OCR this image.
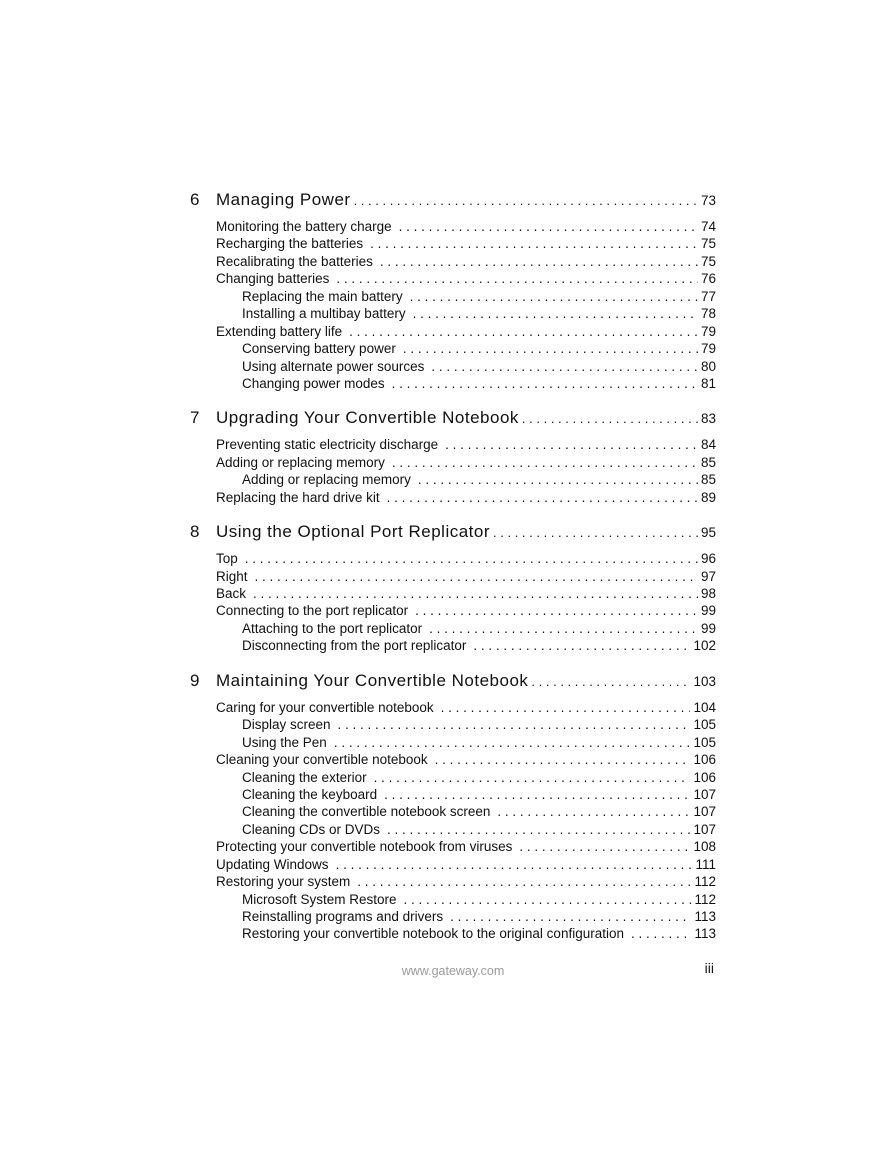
6 Managing Power . . .	73
Monitoring the battery charge . . .	74
Recharging the batteries . . .	75
Recalibrating the batteries . . .	75
Changing batteries . . .	76
Replacing the main battery . . .	77
Installing a multibay battery . . .	78
Extending battery life . . .	79
Conserving battery power . . .	79
Using alternate power sources . . .	80
Changing power modes . . .	81
7 Upgrading Your Convertible Notebook . . .	83
Preventing static electricity discharge . . .	84
Adding or replacing memory . . .	85
Adding or replacing memory . . .	85
Replacing the hard drive kit . . .	89
8 Using the Optional Port Replicator . . .	95
Top . . .	96
Right . . .	97
Back . . .	98
Connecting to the port replicator . . .	99
Attaching to the port replicator . . .	99
Disconnecting from the port replicator . . .	102
9 Maintaining Your Convertible Notebook . . .	103
Caring for your convertible notebook . . .	104
Display screen . . .	105
Using the Pen . . .	105
Cleaning your convertible notebook . . .	106
Cleaning the exterior . . .	106
Cleaning the keyboard . . .	107
Cleaning the convertible notebook screen . . .	107
Cleaning CDs or DVDs . . .	107
Protecting your convertible notebook from viruses . . .	108
Updating Windows . . .	111
Restoring your system . . .	112
Microsoft System Restore . . .	112
Reinstalling programs and drivers . . .	113
Restoring your convertible notebook to the original configuration . . .	113
www.gateway.com	iii
